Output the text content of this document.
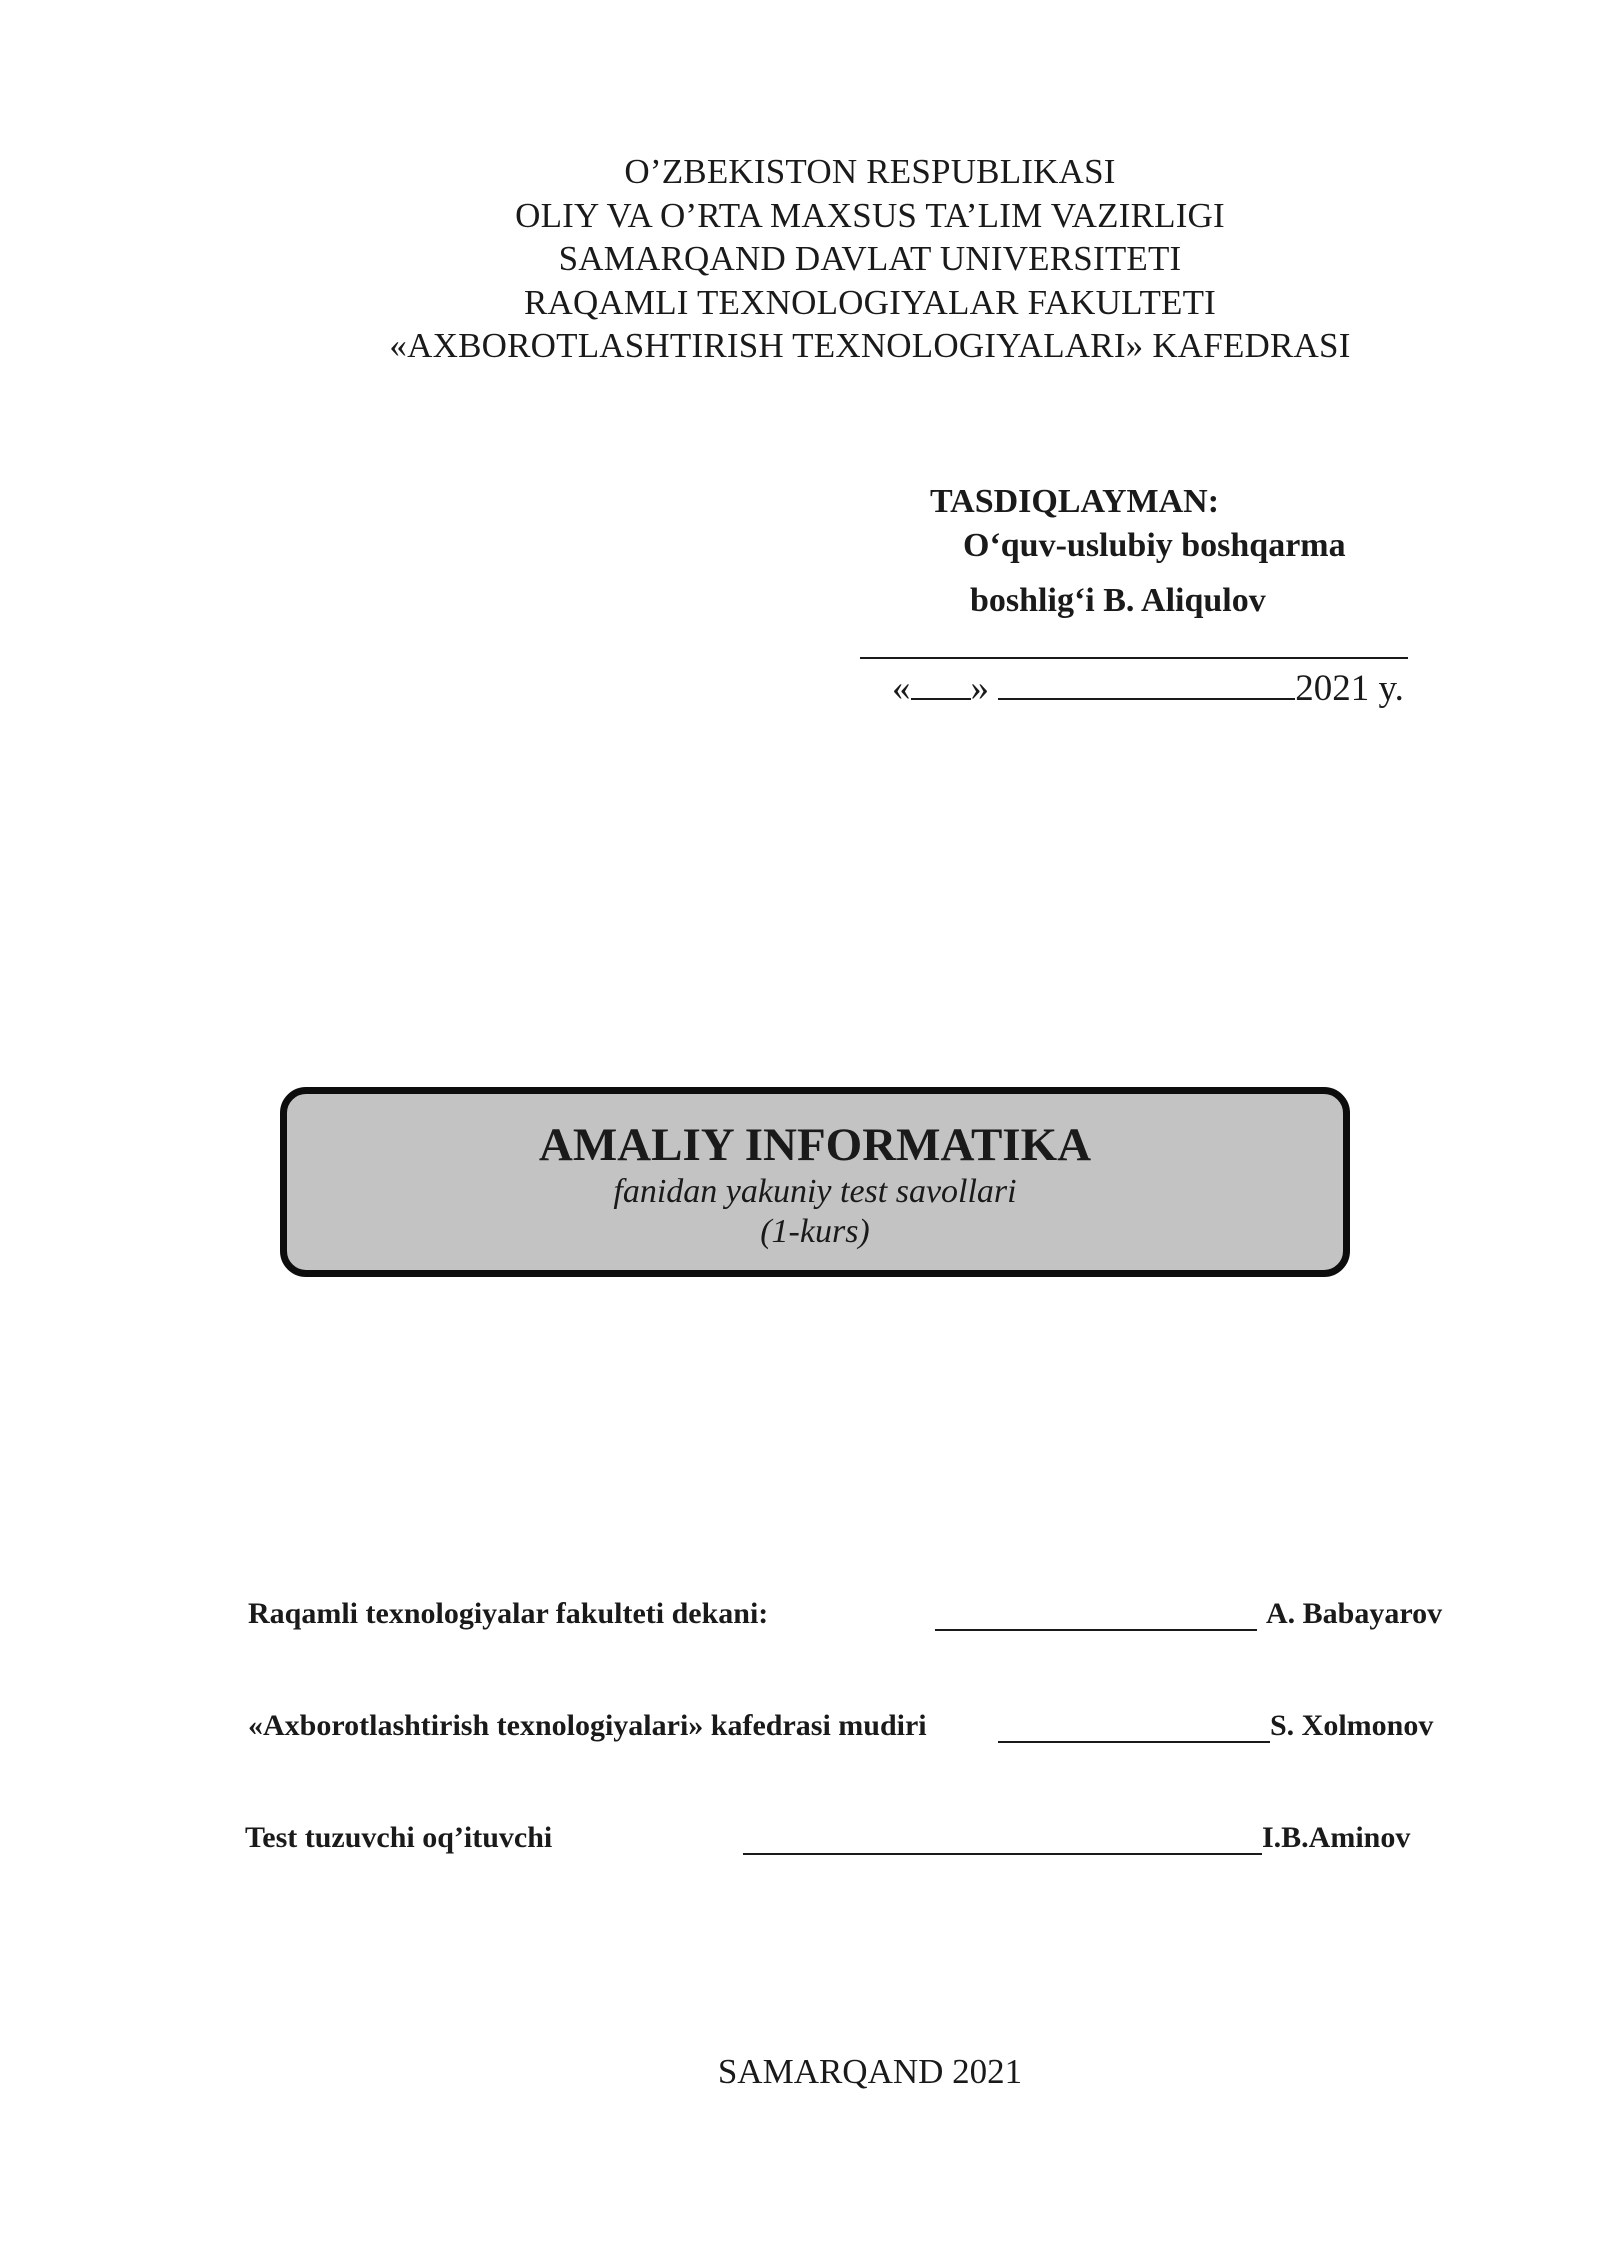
O’ZBEKISTON RESPUBLIKASI
OLIY VA O’RTA MAXSUS TA’LIM VAZIRLIGI
SAMARQAND DAVLAT UNIVERSITETI
RAQAMLI TEXNOLOGIYALAR FAKULTETI
«AXBOROTLASHTIRISH TEXNOLOGIYALARI» KAFEDRASI
TASDIQLAYMAN:
O‘quv-uslubiy boshqarma
boshlig‘i B. Aliqulov
« »	2021 y.
AMALIY INFORMATIKA
fanidan yakuniy test savollari
(1-kurs)
Raqamli texnologiyalar fakulteti dekani:	A. Babayarov
«Axborotlashtirish texnologiyalari» kafedrasi mudiri	S. Xolmonov
Test tuzuvchi oq’ituvchi	I.B.Aminov
SAMARQAND 2021
